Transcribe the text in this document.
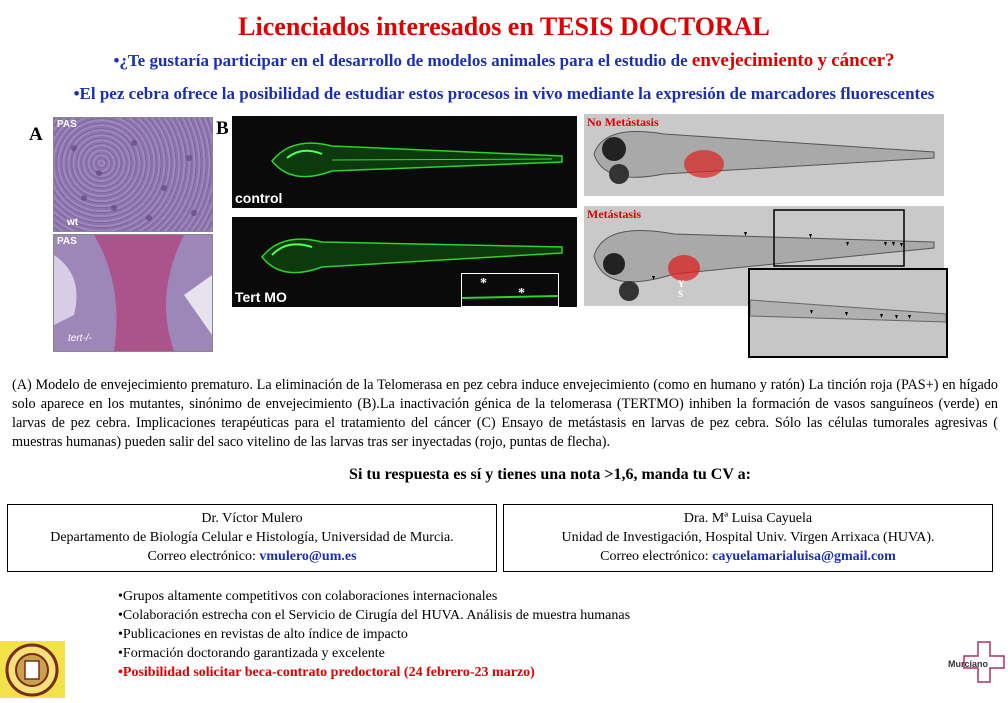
Licenciados interesados en TESIS DOCTORAL
•¿Te gustaría participar en el desarrollo de modelos animales para el estudio de envejecimiento y cáncer?
•El pez cebra ofrece la posibilidad de estudiar estos procesos in vivo mediante la expresión de marcadores fluorescentes
A PAS
wt
PAS
tert-/-
B
control
*
*
Tert MO
No Metástasis
Metástasis
Y
S
(A) Modelo de envejecimiento prematuro. La eliminación de la Telomerasa en pez cebra induce envejecimiento (como en humano y ratón) La tinción roja (PAS+) en hígado solo aparece en los mutantes, sinónimo de envejecimiento (B).La inactivación génica de la telomerasa (TERTMO) inhiben la formación de vasos sanguíneos (verde) en larvas de pez cebra. Implicaciones terapéuticas para el tratamiento del cáncer (C) Ensayo de metástasis en larvas de pez cebra. Sólo las células tumorales agresivas ( muestras humanas) pueden salir del saco vitelino de las larvas tras ser inyectadas (rojo, puntas de flecha).
Si tu respuesta es sí y tienes una nota >1,6, manda tu CV a:
Dr. Víctor Mulero
Departamento de Biología Celular e Histología, Universidad de Murcia.
Correo electrónico: vmulero@um.es
Dra. Mª Luisa Cayuela
Unidad de Investigación, Hospital Univ. Virgen Arrixaca (HUVA).
Correo electrónico: cayuelamarialuisa@gmail.com
•Grupos altamente competitivos con colaboraciones internacionales
•Colaboración estrecha con el Servicio de Cirugía del HUVA. Análisis de muestra humanas
•Publicaciones en revistas de alto índice de impacto
•Formación doctorando garantizada y excelente
•Posibilidad solicitar beca-contrato predoctoral (24 febrero-23 marzo)
Murciano
